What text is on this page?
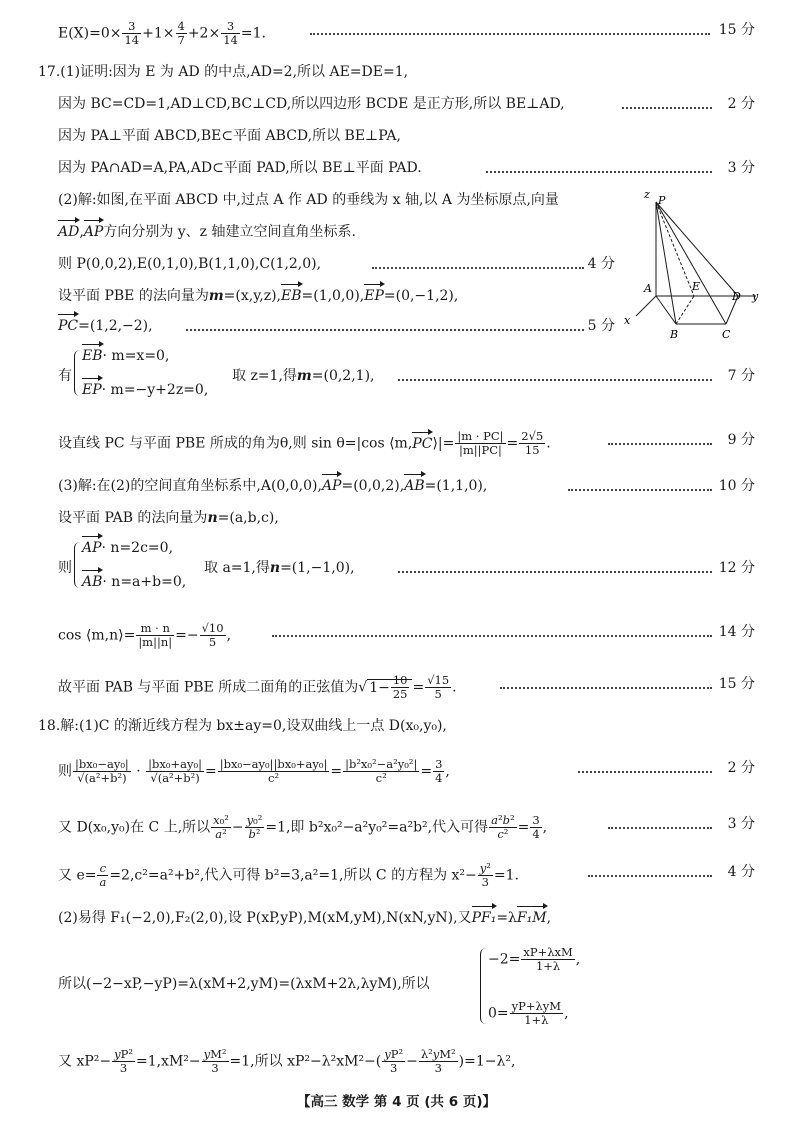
$E(X)=0\times \frac{3}{14} +1\times \frac{4}{7} +2\times \frac{3}{14} =1$.	15 分
17.(1)证明:因为 E 为 AD 的中点,AD=2,所以 AE=DE=1,
因为 BC=CD=1,AD⊥CD,BC⊥CD,所以四边形 BCDE 是正方形,所以 BE⊥AD,	2 分
因为 PA⊥平面 ABCD,BE⊂平面 ABCD,所以 BE⊥PA,
因为 PA∩AD=A,PA,AD⊂平面 PAD,所以 BE⊥平面 PAD.	3 分
(2)解:如图,在平面 ABCD 中,过点 A 作 AD 的垂线为 x 轴,以 A 为坐标原点,向量
AD,AP方向分别为 y、z 轴建立空间直角坐标系.
则 P(0,0,2),E(0,1,0),B(1,1,0),C(1,2,0),	4 分
设平面 PBE 的法向量为m=(x,y,z),EB=(1,0,0),EP=(0,−1,2),
PC=(1,2,−2),	5 分
z P
A	E
D y
x
B	C
有
EB· m=x=0,
EP· m=−y+2z=0,
取 z=1,得m=(0,2,1),	7 分
设直线 PC 与平面 PBE 所成的角为θ,则 sin θ=|cos ⟨m,PC⟩|= $\frac{|m \cdot PC|}{|m||PC|} = \frac{2√5}{15}$ .	9 分
(3)解:在(2)的空间直角坐标系中,A(0,0,0),AP=(0,0,2),AB=(1,1,0),	10 分
设平面 PAB 的法向量为n=(a,b,c),
则
AP· n=2c=0,
AB· n=a+b=0,
取 a=1,得n=(1,−1,0),	12 分
cos ⟨m,n⟩= $\frac{m \cdot n}{|m||n|} =- \frac{√10}{5}$ ,	14 分
故平面 PAB 与平面 PBE 所成二面角的正弦值为√ $1- \frac{10}{25} = \frac{√15}{5}$ .	15 分
18.解:(1)C 的渐近线方程为 bx±ay=0,设双曲线上一点 D(x₀,y₀),
则 $\frac{\text{|bx₀−ay₀|}}{\text{√(a²+b²)}} \cdot \frac{\text{|bx₀+ay₀|}}{\text{√(a²+b²)}} = \frac{\text{|bx₀−ay₀||bx₀+ay₀|}}{\text{c²}} = \frac{\text{|b²x₀²−a²y₀²|}}{\text{c²}} = \frac{3}{4}$ ,	2 分
又 D(x₀,y₀)在 C 上,所以 $\frac{\text{x₀²}}{\text{a²}} - \frac{\text{y₀²}}{\text{b²}} =1$,即 b²x₀²−a²y₀²=a²b²,代入可得 $\frac{\text{a²b²}}{\text{c²}} = \frac{3}{4}$ ,	3 分
又 $e= \frac{c}{a} =2,c^2=a^2+b^2$,代入可得 b²=3,a²=1,所以 C 的方程为 $x^2- \frac{\text{y²}}{3} =1$.	4 分
(2)易得 F₁(−2,0),F₂(2,0),设 P(xP,yP),M(xM,yM),N(xN,yN),又PF₁=λF₁M,
所以(−2−xP,−yP)=λ(xM+2,yM)=(λxM+2λ,λyM),所以
$-2= \frac{\text{xP+λxM}}{1+\lambda}$ ,
$0= \frac{\text{yP+λyM}}{1+\lambda}$ ,
又 $xP^2- \frac{\text{yP²}}{3} =1,xM^2- \frac{\text{yM²}}{3} =1$,所以 $xP^2-\lambda^2xM^2-( \frac{\text{yP²}}{3} - \frac{\text{λ²yM²}}{3} )=1-\lambda^2$,
【高三 数学 第 4 页 (共 6 页)】
